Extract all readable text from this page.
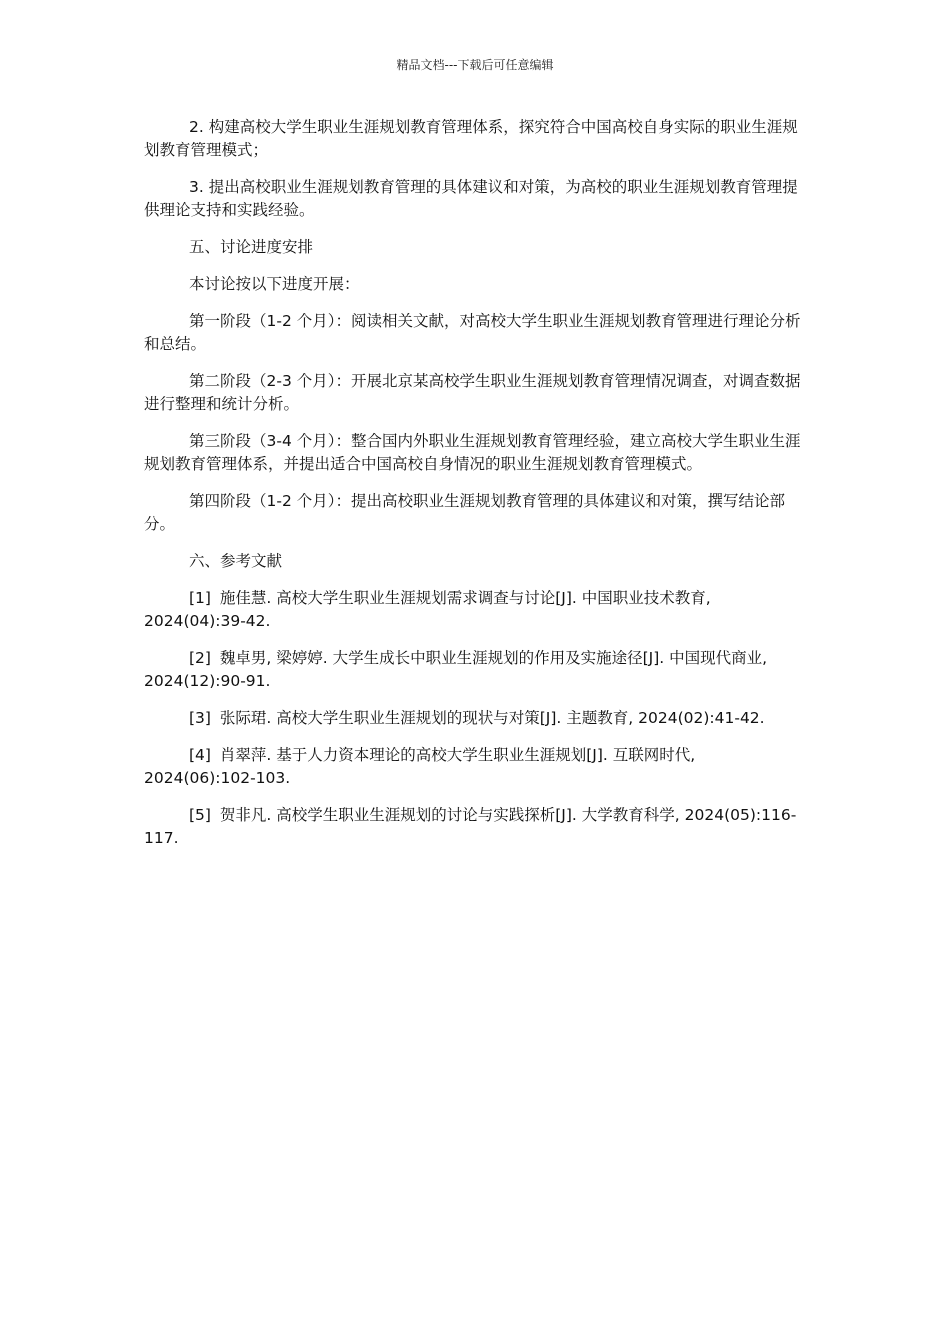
精品文档---下载后可任意编辑

2. 构建高校大学生职业生涯规划教育管理体系，探究符合中国高校自身实际的职业生涯规划教育管理模式；

3. 提出高校职业生涯规划教育管理的具体建议和对策，为高校的职业生涯规划教育管理提供理论支持和实践经验。

五、讨论进度安排

本讨论按以下进度开展：

第一阶段（1-2 个月）：阅读相关文献，对高校大学生职业生涯规划教育管理进行理论分析和总结。

第二阶段（2-3 个月）：开展北京某高校学生职业生涯规划教育管理情况调查，对调查数据进行整理和统计分析。

第三阶段（3-4 个月）：整合国内外职业生涯规划教育管理经验，建立高校大学生职业生涯规划教育管理体系，并提出适合中国高校自身情况的职业生涯规划教育管理模式。

第四阶段（1-2 个月）：提出高校职业生涯规划教育管理的具体建议和对策，撰写结论部分。

六、参考文献

[1] 施佳慧. 高校大学生职业生涯规划需求调查与讨论[J]. 中国职业技术教育, 2024(04):39-42.

[2] 魏卓男, 梁婷婷. 大学生成长中职业生涯规划的作用及实施途径[J]. 中国现代商业, 2024(12):90-91.

[3] 张际珺. 高校大学生职业生涯规划的现状与对策[J]. 主题教育, 2024(02):41-42.

[4] 肖翠萍. 基于人力资本理论的高校大学生职业生涯规划[J]. 互联网时代, 2024(06):102-103.

[5] 贺非凡. 高校学生职业生涯规划的讨论与实践探析[J]. 大学教育科学, 2024(05):116-117.
